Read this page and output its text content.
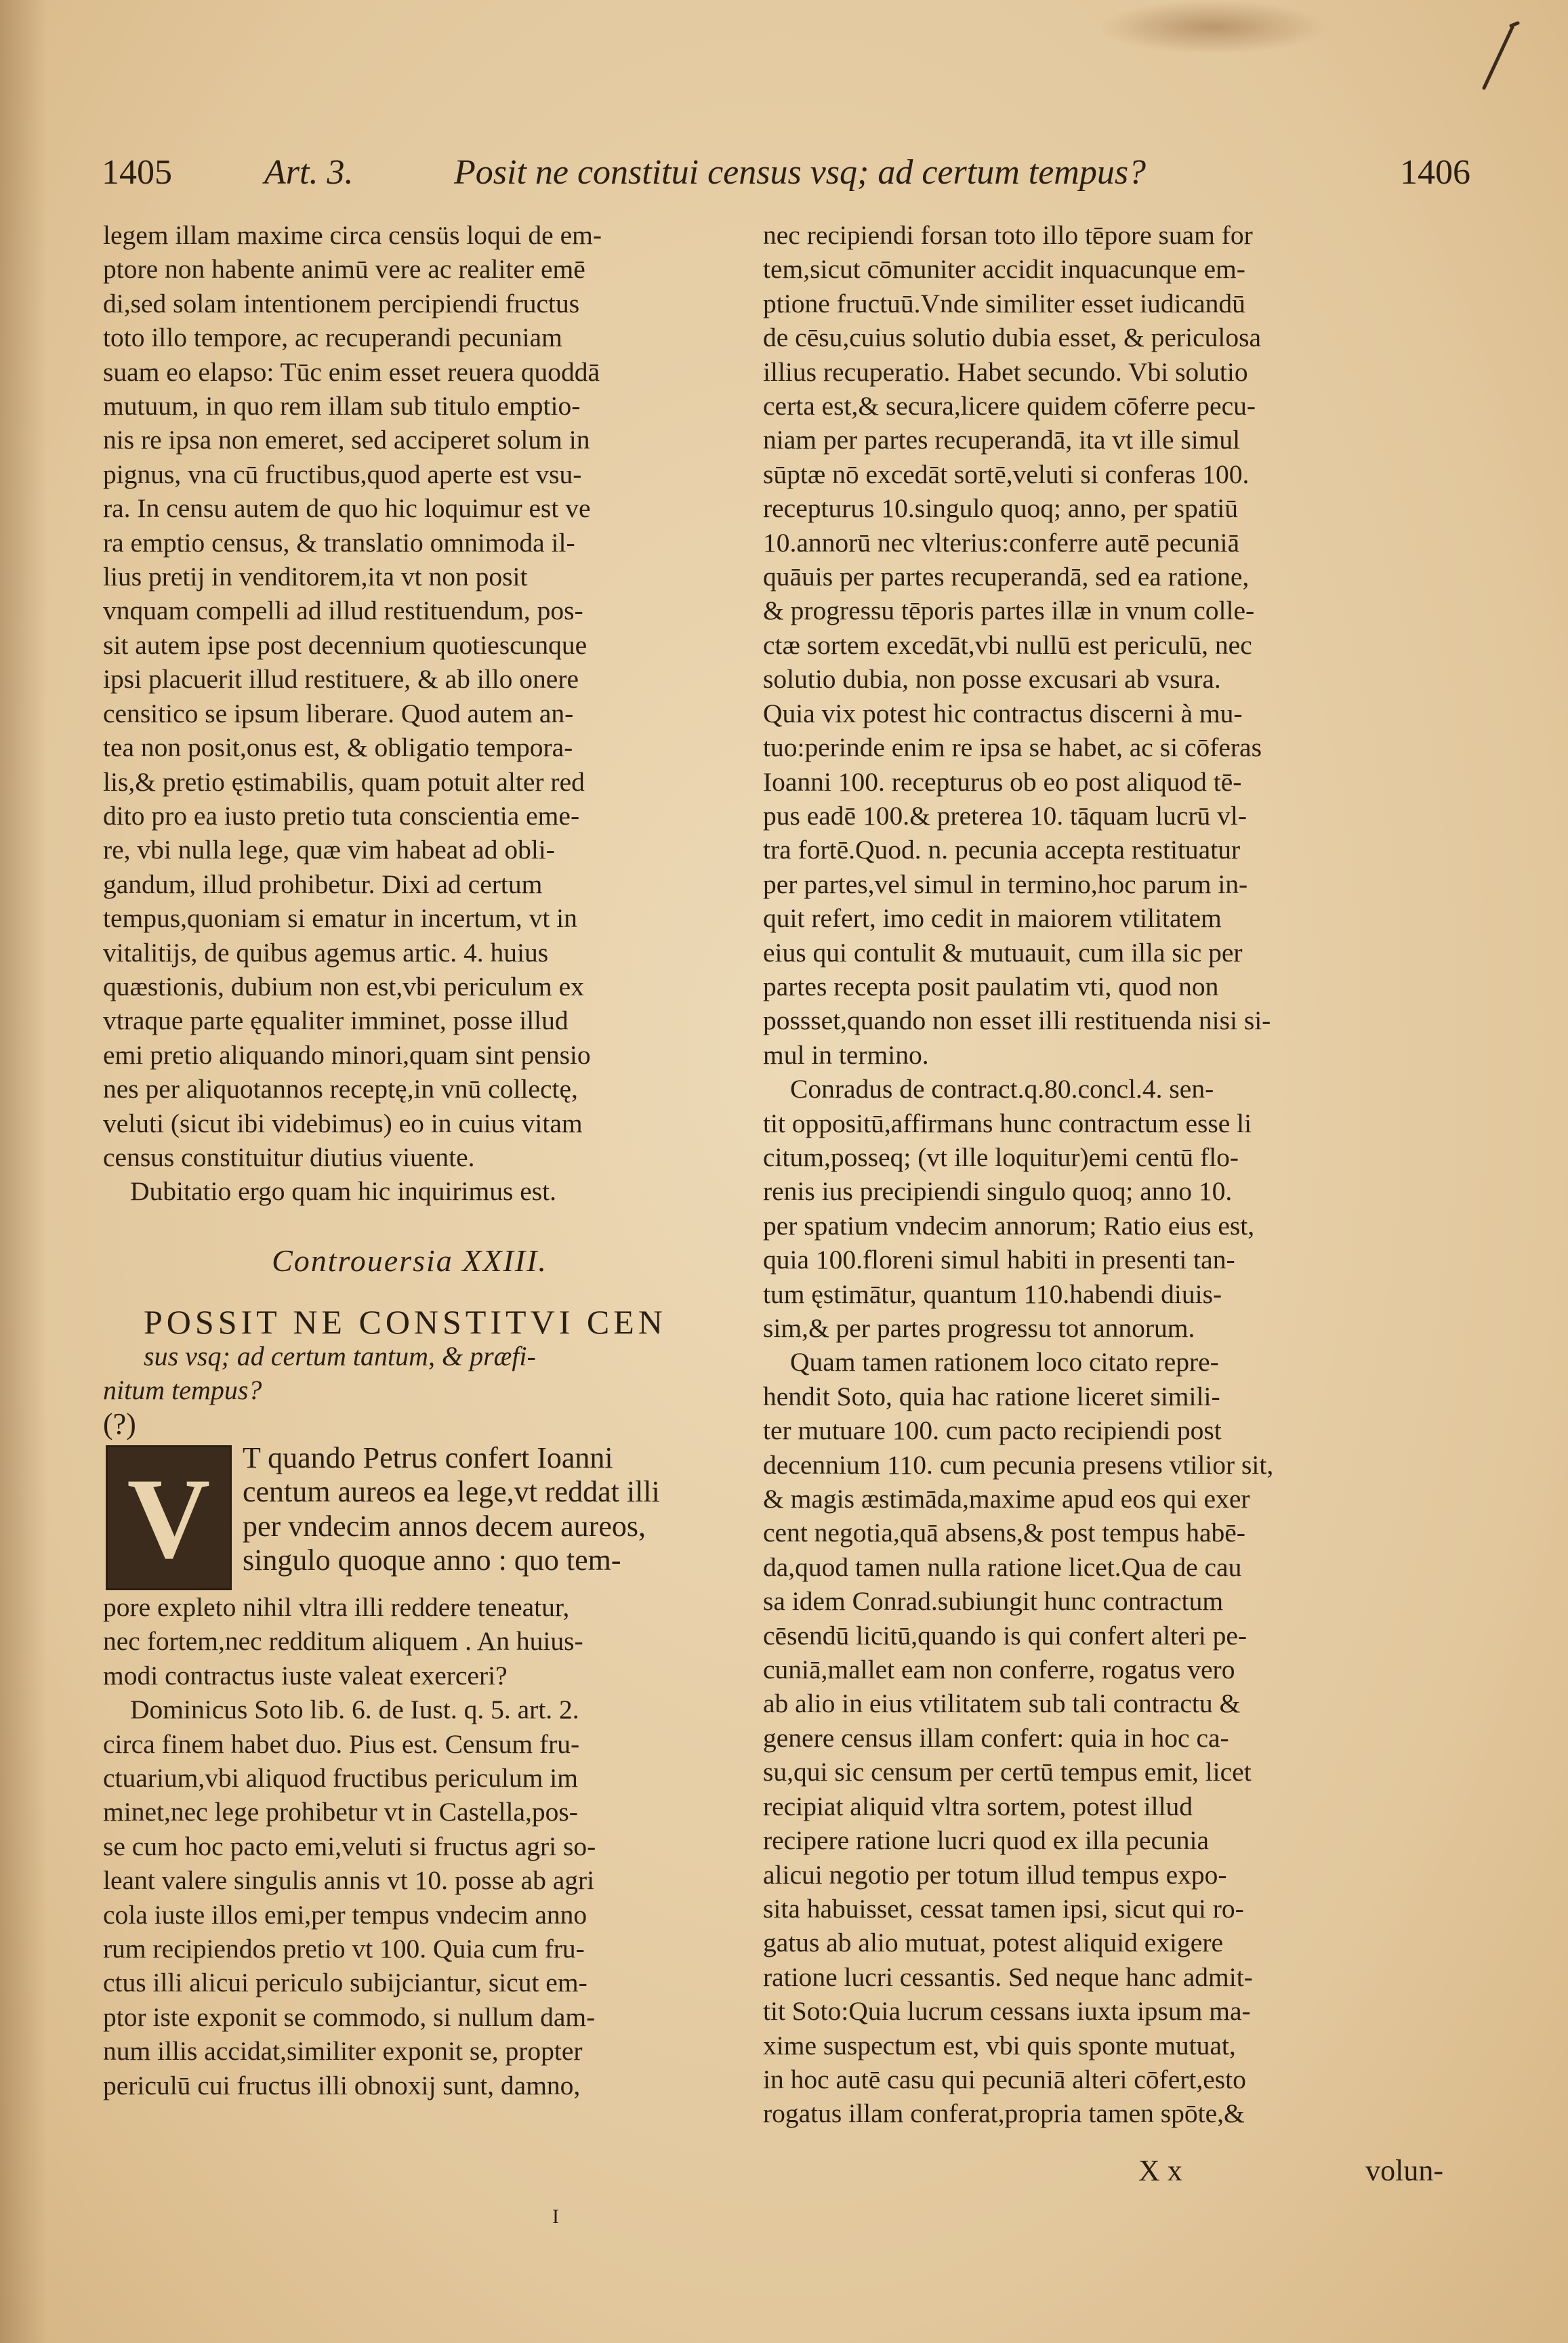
1405	Art. 3.	Posit ne constitui census vsq; ad certum tempus?	1406

legem illam maxime circa censüs loqui de em-
ptore non habente animū vere ac realiter emē
di,sed solam intentionem percipiendi fructus
toto illo tempore, ac recuperandi pecuniam
suam eo elapso: Tūc enim esset reuera quoddā
mutuum, in quo rem illam sub titulo emptio-
nis re ipsa non emeret, sed acciperet solum in
pignus, vna cū fructibus,quod aperte est vsu-
ra. In censu autem de quo hic loquimur est ve
ra emptio census, & translatio omnimoda il-
lius pretij in venditorem,ita vt non posit
vnquam compelli ad illud restituendum, pos-
sit autem ipse post decennium quotiescunque
ipsi placuerit illud restituere, & ab illo onere
censitico se ipsum liberare. Quod autem an-
tea non posit,onus est, & obligatio tempora-
lis,& pretio ęstimabilis, quam potuit alter red
dito pro ea iusto pretio tuta conscientia eme-
re, vbi nulla lege, quæ vim habeat ad obli-
gandum, illud prohibetur. Dixi ad certum
tempus,quoniam si ematur in incertum, vt in
vitalitijs, de quibus agemus artic. 4. huius
quæstionis, dubium non est,vbi periculum ex
vtraque parte ęqualiter imminet, posse illud
emi pretio aliquando minori,quam sint pensio
nes per aliquotannos receptę,in vnū collectę,
veluti (sicut ibi videbimus) eo in cuius vitam
census constituitur diutius viuente.

Dubitatio ergo quam hic inquirimus est.

Controuersia XXIII.

POSSIT NE CONSTITVI CEN

sus vsq; ad certum tantum, & præfi-

nitum tempus?

(?)

V	T quando Petrus confert Ioanni
centum aureos ea lege,vt reddat illi
per vndecim annos decem aureos,
singulo quoque anno : quo tem-

pore expleto nihil vltra illi reddere teneatur,
nec fortem,nec redditum aliquem . An huius-
modi contractus iuste valeat exerceri?

Dominicus Soto lib. 6. de Iust. q. 5. art. 2.
circa finem habet duo. Pius est. Censum fru-
ctuarium,vbi aliquod fructibus periculum im
minet,nec lege prohibetur vt in Castella,pos-
se cum hoc pacto emi,veluti si fructus agri so-
leant valere singulis annis vt 10. posse ab agri
cola iuste illos emi,per tempus vndecim anno
rum recipiendos pretio vt 100. Quia cum fru-
ctus illi alicui periculo subijciantur, sicut em-
ptor iste exponit se commodo, si nullum dam-
num illis accidat,similiter exponit se, propter
periculū cui fructus illi obnoxij sunt, damno,

nec recipiendi forsan toto illo tēpore suam for
tem,sicut cōmuniter accidit inquacunque em-
ptione fructuū.Vnde similiter esset iudicandū
de cēsu,cuius solutio dubia esset, & periculosa
illius recuperatio. Habet secundo. Vbi solutio
certa est,& secura,licere quidem cōferre pecu-
niam per partes recuperandā, ita vt ille simul
sūptæ nō excedāt sortē,veluti si conferas 100.
recepturus 10.singulo quoq; anno, per spatiū
10.annorū nec vlterius:conferre autē pecuniā
quāuis per partes recuperandā, sed ea ratione,
& progressu tēporis partes illæ in vnum colle-
ctæ sortem excedāt,vbi nullū est periculū, nec
solutio dubia, non posse excusari ab vsura.
Quia vix potest hic contractus discerni à mu-
tuo:perinde enim re ipsa se habet, ac si cōferas
Ioanni 100. recepturus ob eo post aliquod tē-
pus eadē 100.& preterea 10. tāquam lucrū vl-
tra fortē.Quod. n. pecunia accepta restituatur
per partes,vel simul in termino,hoc parum in-
quit refert, imo cedit in maiorem vtilitatem
eius qui contulit & mutuauit, cum illa sic per
partes recepta posit paulatim vti, quod non
possset,quando non esset illi restituenda nisi si-
mul in termino.

Conradus de contract.q.80.concl.4. sen-
tit oppositū,affirmans hunc contractum esse li
citum,posseq; (vt ille loquitur)emi centū flo-
renis ius precipiendi singulo quoq; anno 10.
per spatium vndecim annorum; Ratio eius est,
quia 100.floreni simul habiti in presenti tan-
tum ęstimātur, quantum 110.habendi diuis-
sim,& per partes progressu tot annorum.

Quam tamen rationem loco citato repre-
hendit Soto, quia hac ratione liceret simili-
ter mutuare 100. cum pacto recipiendi post
decennium 110. cum pecunia presens vtilior sit,
& magis æstimāda,maxime apud eos qui exer
cent negotia,quā absens,& post tempus habē-
da,quod tamen nulla ratione licet.Qua de cau
sa idem Conrad.subiungit hunc contractum
cēsendū licitū,quando is qui confert alteri pe-
cuniā,mallet eam non conferre, rogatus vero
ab alio in eius vtilitatem sub tali contractu &
genere census illam confert: quia in hoc ca-
su,qui sic censum per certū tempus emit, licet
recipiat aliquid vltra sortem, potest illud
recipere ratione lucri quod ex illa pecunia
alicui negotio per totum illud tempus expo-
sita habuisset, cessat tamen ipsi, sicut qui ro-
gatus ab alio mutuat, potest aliquid exigere
ratione lucri cessantis. Sed neque hanc admit-
tit Soto:Quia lucrum cessans iuxta ipsum ma-
xime suspectum est, vbi quis sponte mutuat,
in hoc autē casu qui pecuniā alteri cōfert,esto
rogatus illam conferat,propria tamen spōte,&

X x	volun-
I
